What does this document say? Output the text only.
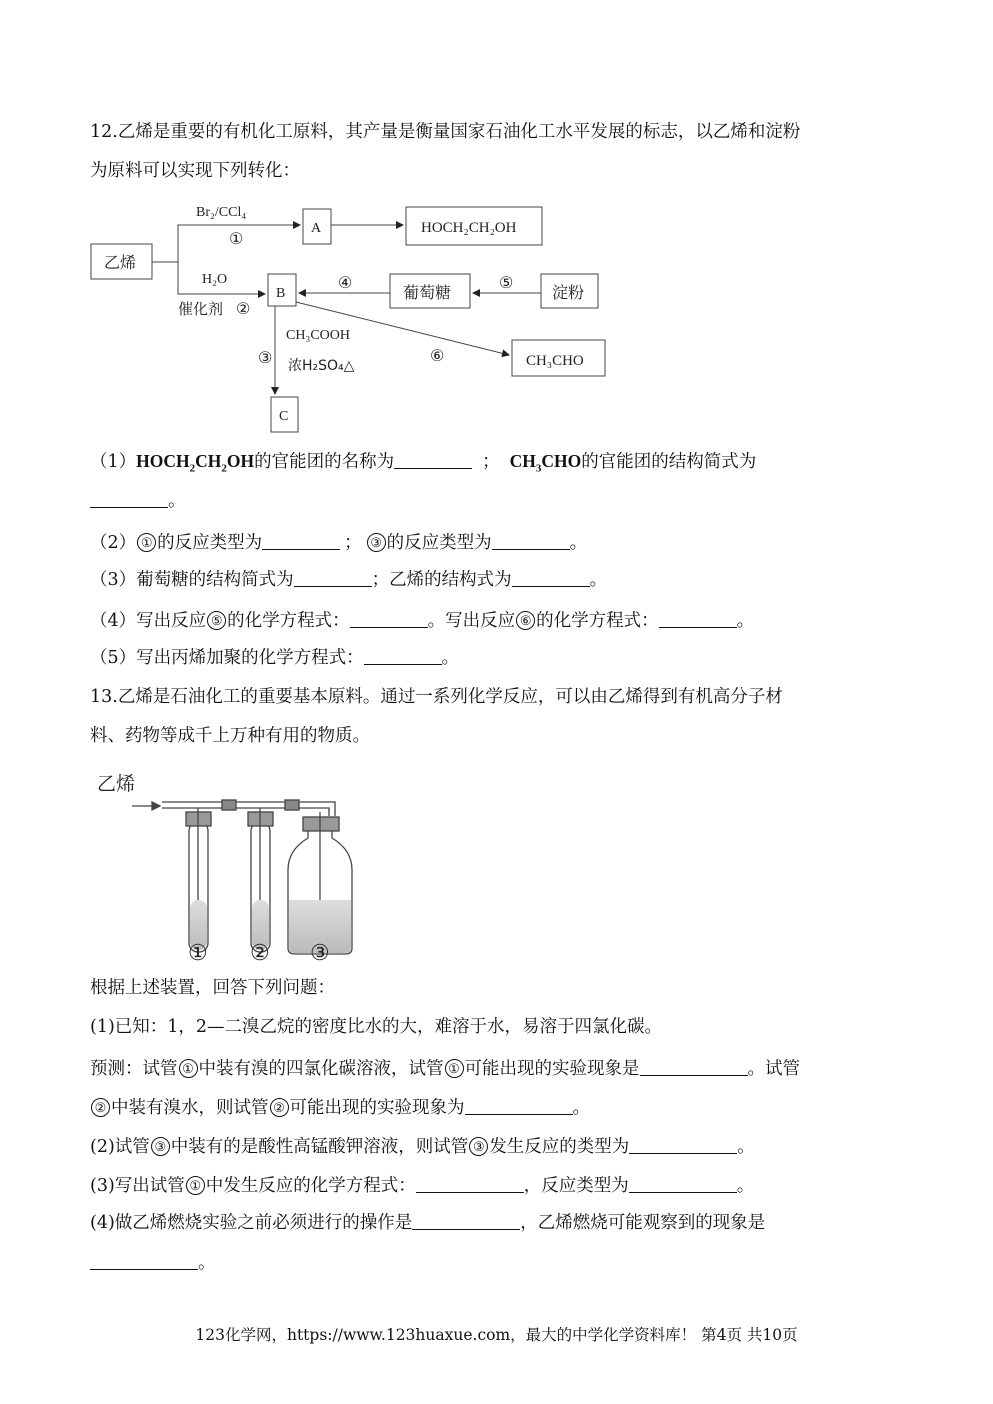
12.乙烯是重要的有机化工原料，其产量是衡量国家石油化工水平发展的标志，以乙烯和淀粉
为原料可以实现下列转化：
乙烯
A	HOCH₂CH₂OH
B	葡萄糖	淀粉
CH₃CHO
C
Br₂/CCl₄
①
H₂O
催化剂 ②
④	⑤
CH₃COOH
浓H₂SO₄△
③	⑥
$(1)HOCH_2CH_2OH$的官能团的名称为	； $CH_3CHO$的官能团的结构简式为
。
（2） ① 的反应类型为	； ③ 的反应类型为	。
（3）葡萄糖的结构简式为	；乙烯的结构式为	。
（4）写出反应 ⑤ 的化学方程式：	。写出反应 ⑥ 的化学方程式：	。
（5）写出丙烯加聚的化学方程式：	。
13.乙烯是石油化工的重要基本原料。通过一系列化学反应，可以由乙烯得到有机高分子材
料、药物等成千上万种有用的物质。
乙烯
① ② ③
根据上述装置，回答下列问题：
(1)已知：1，2—二溴乙烷的密度比水的大，难溶于水，易溶于四氯化碳。
预测：试管 ① 中装有溴的四氯化碳溶液，试管 ① 可能出现的实验现象是	。试管
② 中装有溴水，则试管 ② 可能出现的实验现象为	。
(2)试管 ③ 中装有的是酸性高锰酸钾溶液，则试管 ③ 发生反应的类型为	。
(3)写出试管 ① 中发生反应的化学方程式：	，反应类型为	。
(4)做乙烯燃烧实验之前必须进行的操作是	，乙烯燃烧可能观察到的现象是
。
123化学网，https://www.123huaxue.com，最大的中学化学资料库！ 第4页 共10页
